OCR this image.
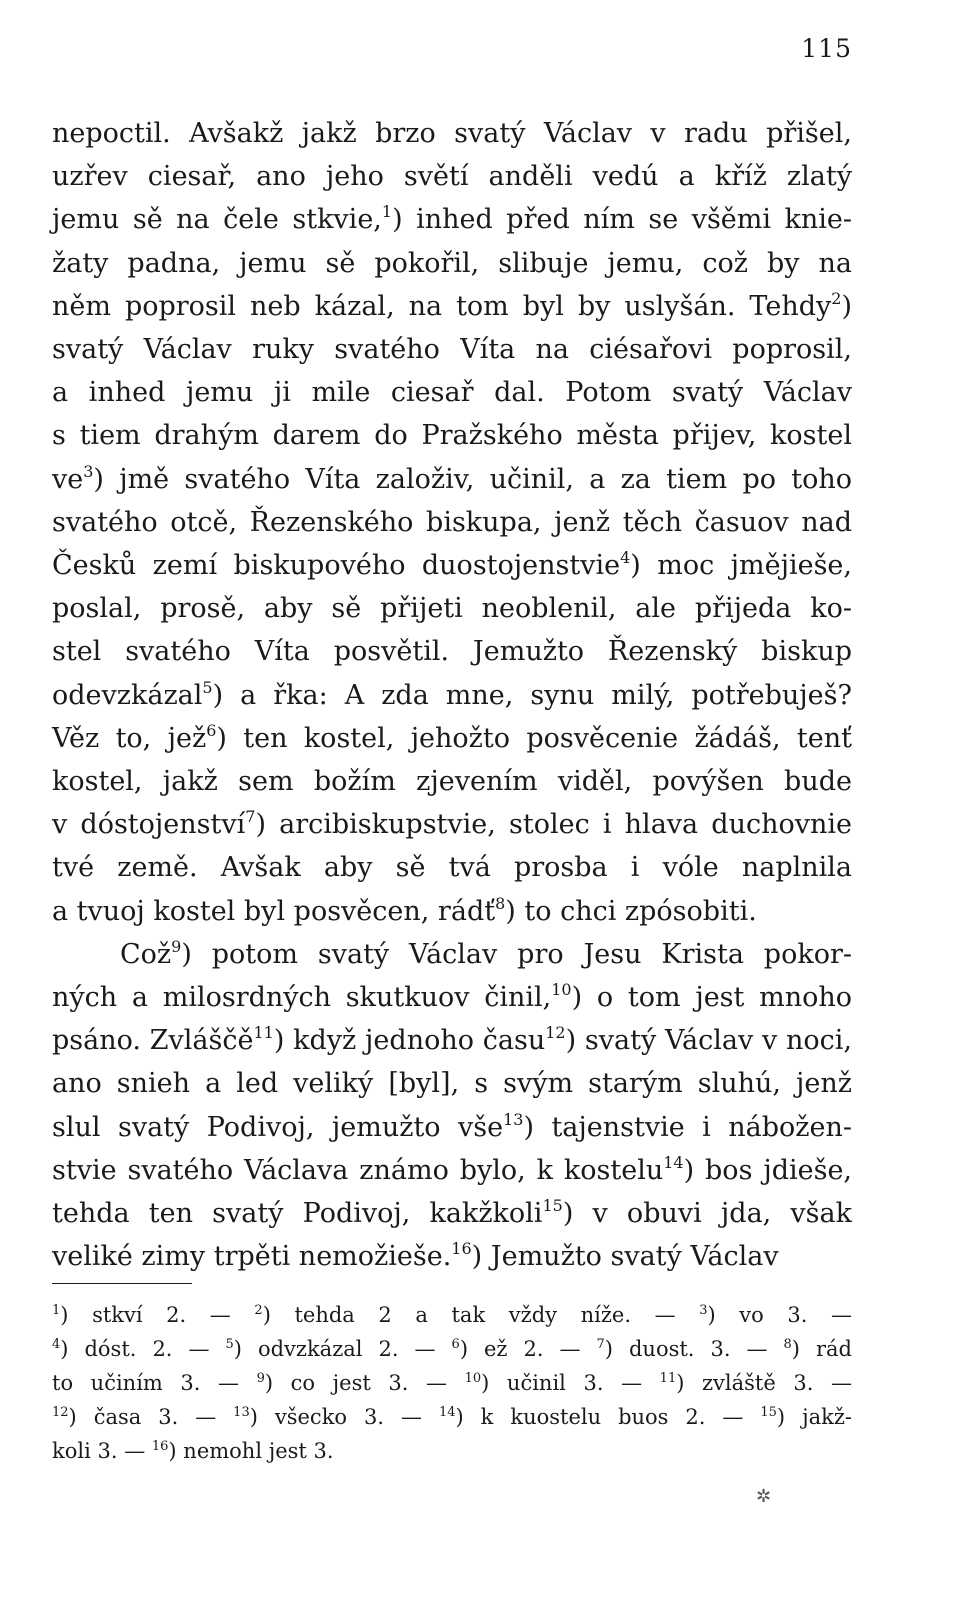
115
nepoctil. Avšakž jakž brzo svatý Václav v radu přišel,
uzřev ciesař, ano jeho světí anděli vedú a kříž zlatý
jemu sě na čele stkvie,$^1$) inhed před ním se všěmi knie-
žaty padna, jemu sě pokořil, slibuje jemu, což by na
něm poprosil neb kázal, na tom byl by uslyšán. Tehdy$^2$)
svatý Václav ruky svatého Víta na ciésařovi poprosil,
a inhed jemu ji mile ciesař dal. Potom svatý Václav
s tiem drahým darem do Pražského města přijev, kostel
$ve^3$) jmě svatého Víta založiv, učinil, a za tiem po toho
svatého otcě, Řezenského biskupa, jenž těch časuov nad
Česků zemí biskupového duostojenstvie$^4$) moc jmějieše,
poslal, prosě, aby sě přijeti neoblenil, ale přijeda ko-
stel svatého Víta posvětil. Jemužto Řezenský biskup
odevzkázal$^5$) a řka: A zda mne, synu milý, potřebuješ?
Věz to, jež$^6$) ten kostel, jehožto posvěcenie žádáš, tenť
kostel, jakž sem božím zjevením viděl, povýšen bude
v dóstojenství$^7$) arcibiskupstvie, stolec i hlava duchovnie
tvé země. Avšak aby sě tvá prosba i vóle naplnila
a tvuoj kostel byl posvěcen, rádť$^8$) to chci zpósobiti.
Což$^9$) potom svatý Václav pro Jesu Krista pokor-
ných a milosrdných skutkuov činil,$^{10}$) o tom jest mnoho
psáno. Zvláščě$^{11}$) když jednoho času$^{12}$) svatý Václav v noci,
ano snieh a led veliký [byl], s svým starým sluhú, jenž
slul svatý Podivoj, jemužto vše$^{13}$) tajenstvie i nábožen-
stvie svatého Václava známo bylo, k kostelu$^{14}$) bos jdieše,
tehda ten svatý Podivoj, kakžkoli$^{15}$) v obuvi jda, však
veliké zimy trpěti nemožieše.$^{16}$) Jemužto svatý Václav
$^1$) stkví 2. — $^2$) tehda 2 a tak vždy níže. — $^3$) vo 3. —
$^4$) dóst. 2. — $^5$) odvzkázal 2. — $^6$) ež 2. — $^7$) duost. 3. — $^8$) rád
to učiním 3. — $^9$) co jest 3. — $^{10}$) učinil 3. — $^{11}$) zvláště 3. —
$^{12}$) časa 3. — $^{13}$) všecko 3. — $^{14}$) k kuostelu buos 2. — $^{15}$) jakž-
koli 3. — $^{16}$) nemohl jest 3.
✲
